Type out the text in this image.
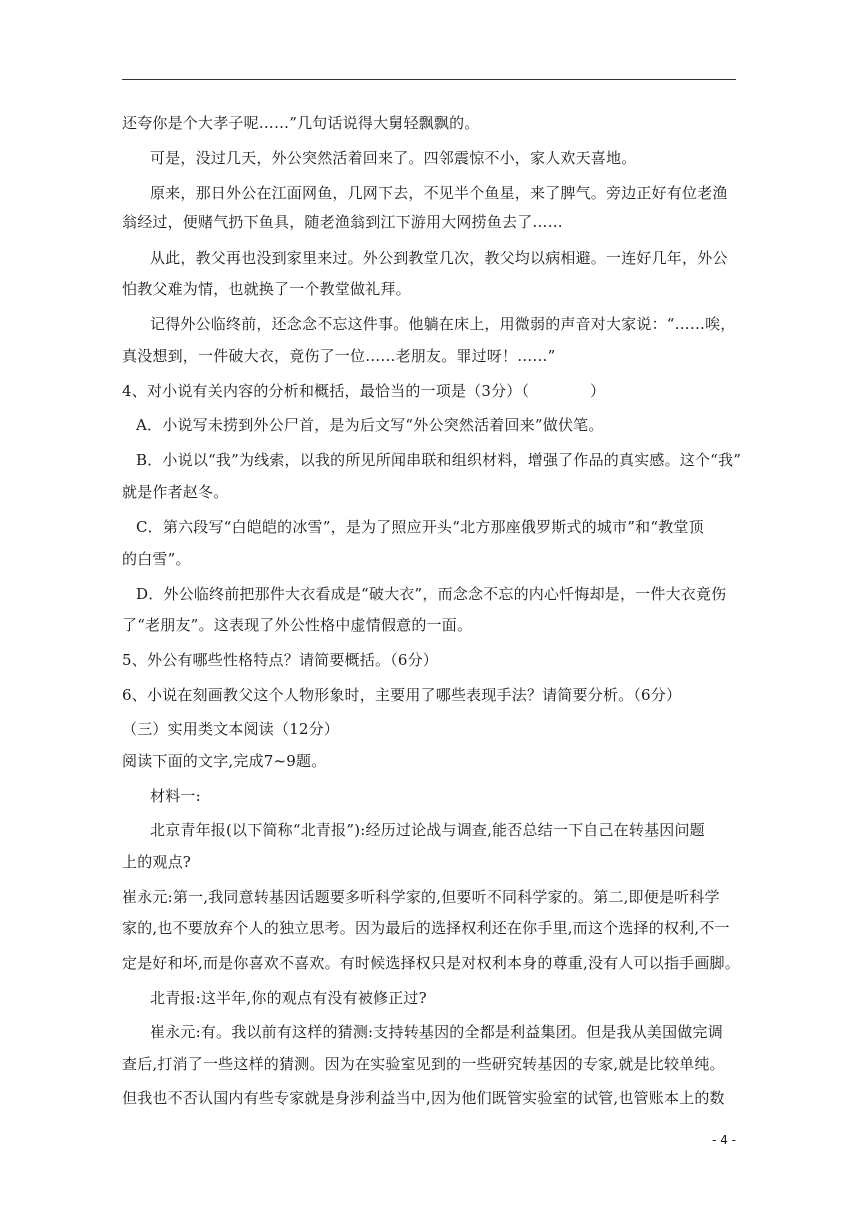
还夸你是个大孝子呢……”几句话说得大舅轻飘飘的。
可是，没过几天，外公突然活着回来了。四邻震惊不小，家人欢天喜地。
原来，那日外公在江面网鱼，几网下去，不见半个鱼星，来了脾气。旁边正好有位老渔
翁经过，便赌气扔下鱼具，随老渔翁到江下游用大网捞鱼去了……
从此，教父再也没到家里来过。外公到教堂几次，教父均以病相避。一连好几年，外公
怕教父难为情，也就换了一个教堂做礼拜。
记得外公临终前，还念念不忘这件事。他躺在床上，用微弱的声音对大家说：“……唉，
真没想到，一件破大衣，竟伤了一位……老朋友。罪过呀！……”
4、对小说有关内容的分析和概括，最恰当的一项是（3分）（　　　　）
A．小说写未捞到外公尸首，是为后文写“外公突然活着回来”做伏笔。
B．小说以“我”为线索，以我的所见所闻串联和组织材料，增强了作品的真实感。这个“我”
就是作者赵冬。
C．第六段写“白皑皑的冰雪”，是为了照应开头“北方那座俄罗斯式的城市”和“教堂顶
的白雪”。
D．外公临终前把那件大衣看成是“破大衣”，而念念不忘的内心忏悔却是，一件大衣竟伤
了“老朋友”。这表现了外公性格中虚情假意的一面。
5、外公有哪些性格特点？请简要概括。（6分）
6、小说在刻画教父这个人物形象时，主要用了哪些表现手法？请简要分析。（6分）
（三）实用类文本阅读（12分）
阅读下面的文字,完成7~9题。
材料一:
北京青年报(以下简称“北青报”):经历过论战与调查,能否总结一下自己在转基因问题
上的观点?
崔永元:第一,我同意转基因话题要多听科学家的,但要听不同科学家的。第二,即便是听科学
家的,也不要放弃个人的独立思考。因为最后的选择权利还在你手里,而这个选择的权利,不一
定是好和坏,而是你喜欢不喜欢。有时候选择权只是对权利本身的尊重,没有人可以指手画脚。
北青报:这半年,你的观点有没有被修正过?
崔永元:有。我以前有这样的猜测:支持转基因的全都是利益集团。但是我从美国做完调
查后,打消了一些这样的猜测。因为在实验室见到的一些研究转基因的专家,就是比较单纯。
但我也不否认国内有些专家就是身涉利益当中,因为他们既管实验室的试管,也管账本上的数
- 4 -
